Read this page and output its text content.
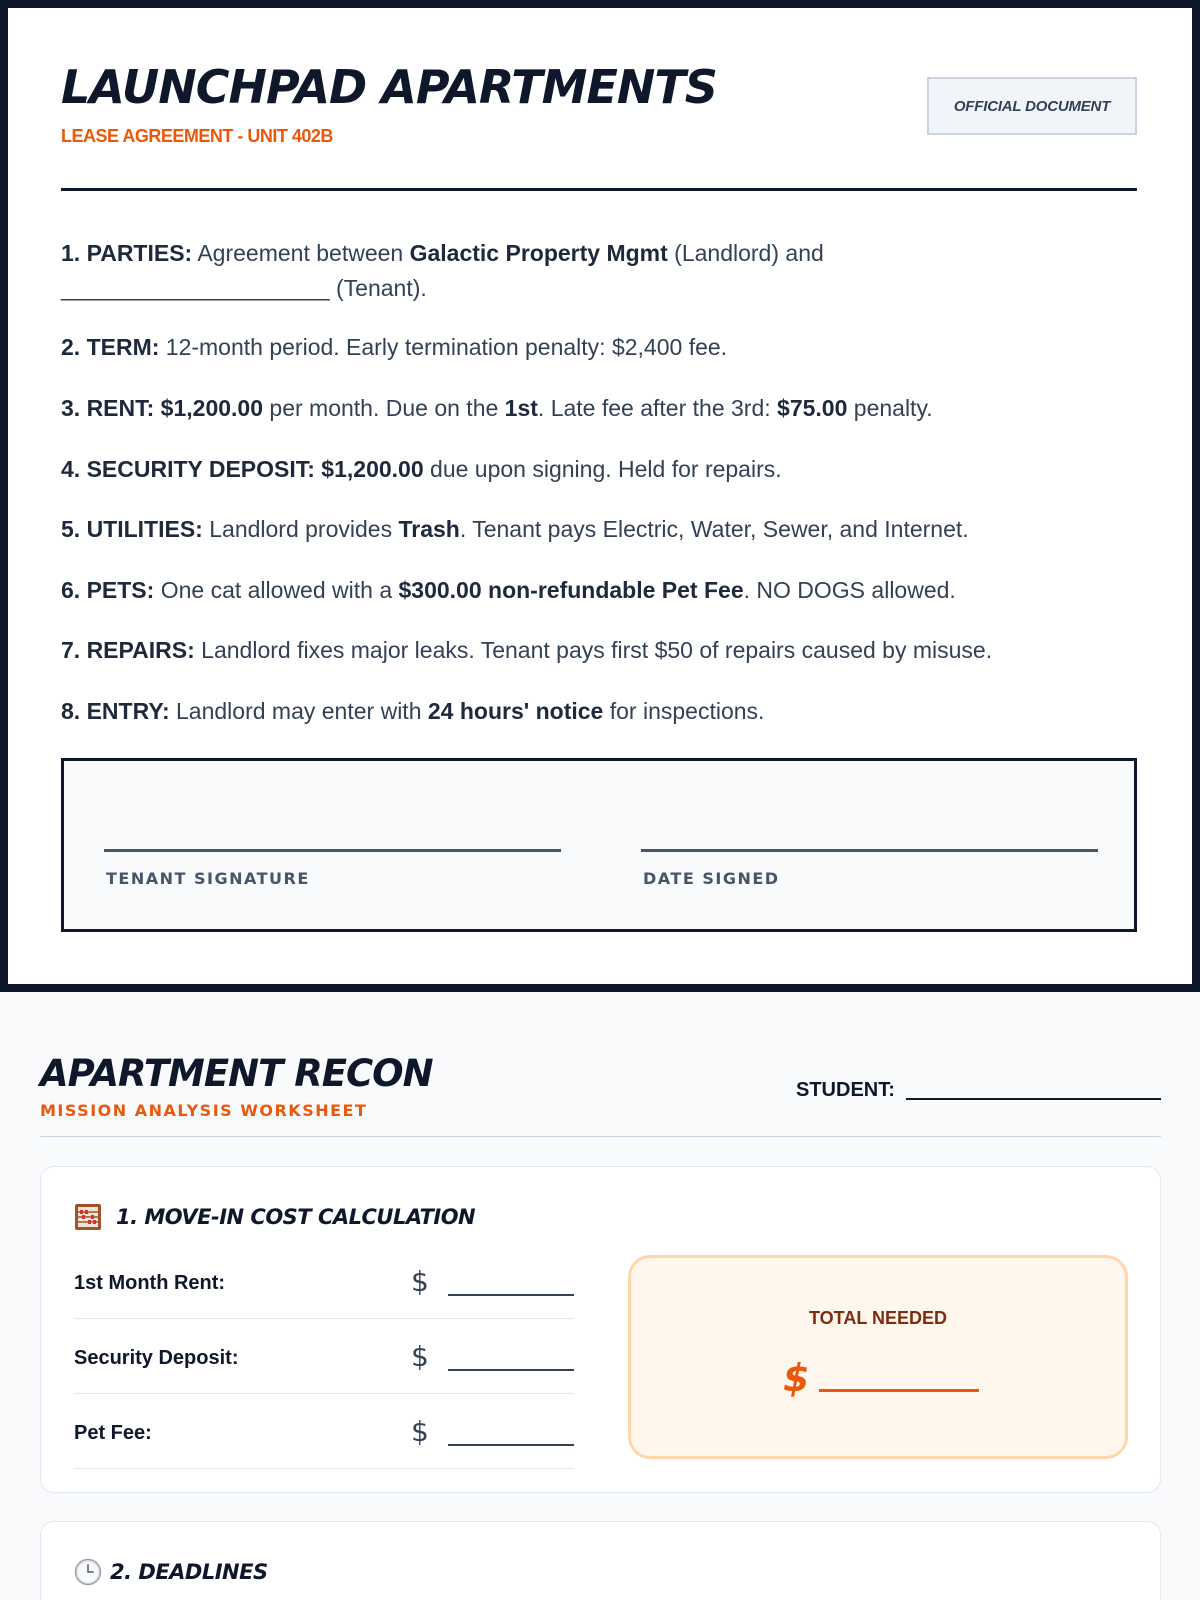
LAUNCHPAD APARTMENTS
LEASE AGREEMENT - UNIT 402B
OFFICIAL DOCUMENT
1. PARTIES: Agreement between Galactic Property Mgmt (Landlord) and
_____________________ (Tenant).
2. TERM: 12-month period. Early termination penalty: $2,400 fee.
3. RENT: $1,200.00 per month. Due on the 1st. Late fee after the 3rd: $75.00 penalty.
4. SECURITY DEPOSIT: $1,200.00 due upon signing. Held for repairs.
5. UTILITIES: Landlord provides Trash. Tenant pays Electric, Water, Sewer, and Internet.
6. PETS: One cat allowed with a $300.00 non-refundable Pet Fee. NO DOGS allowed.
7. REPAIRS: Landlord fixes major leaks. Tenant pays first $50 of repairs caused by misuse.
8. ENTRY: Landlord may enter with 24 hours' notice for inspections.
TENANT SIGNATURE	DATE SIGNED
APARTMENT RECON
MISSION ANALYSIS WORKSHEET
STUDENT:
1. MOVE-IN COST CALCULATION
1st Month Rent:	$
Security Deposit:	$
Pet Fee:	$
TOTAL NEEDED
$
2. DEADLINES
